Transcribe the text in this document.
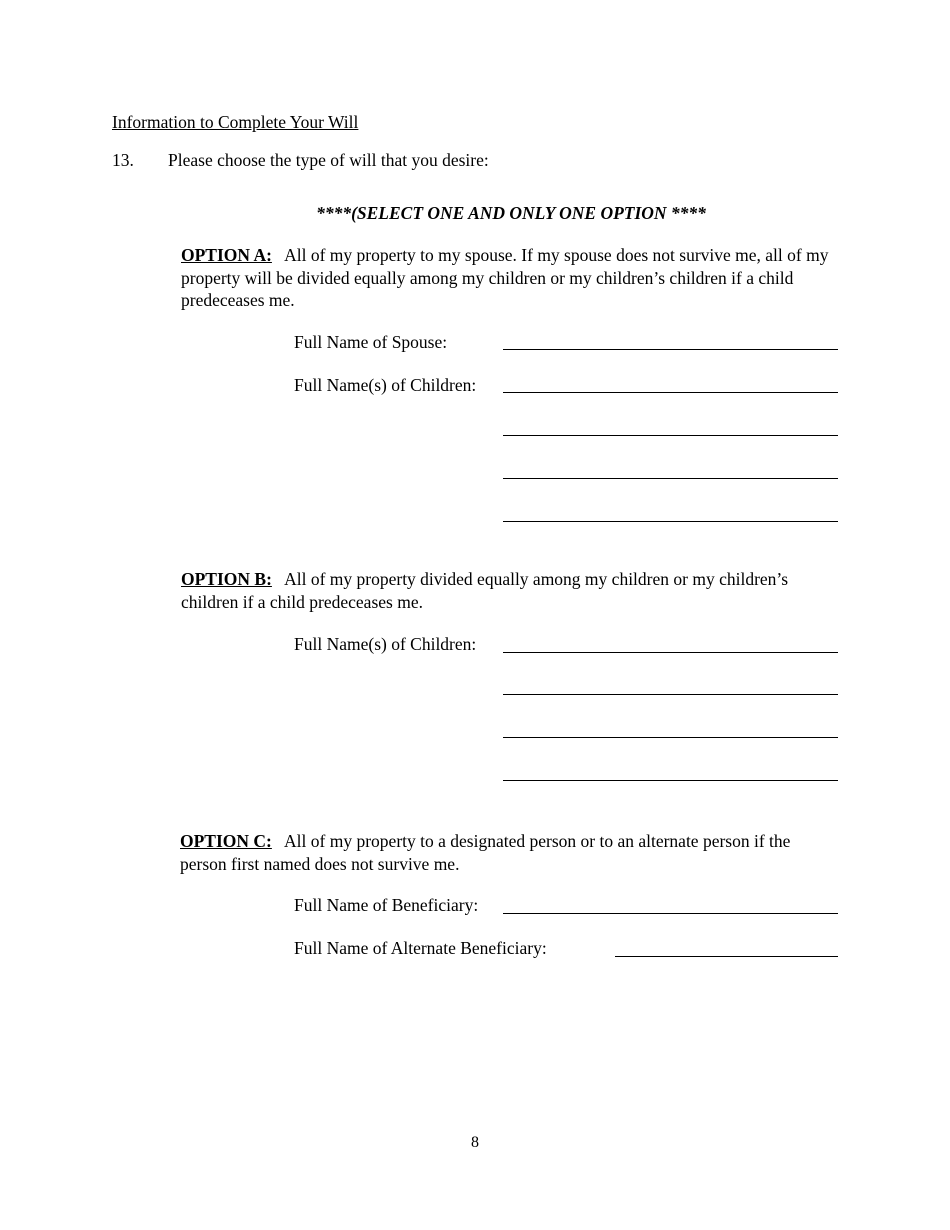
Information to Complete Your Will
13. Please choose the type of will that you desire:
****(SELECT ONE AND ONLY ONE OPTION ****
OPTION A: All of my property to my spouse. If my spouse does not survive me, all of my property will be divided equally among my children or my children’s children if a child predeceases me.
Full Name of Spouse:
Full Name(s) of Children:
OPTION B: All of my property divided equally among my children or my children’s children if a child predeceases me.
Full Name(s) of Children:
OPTION C: All of my property to a designated person or to an alternate person if the person first named does not survive me.
Full Name of Beneficiary:
Full Name of Alternate Beneficiary:
8
